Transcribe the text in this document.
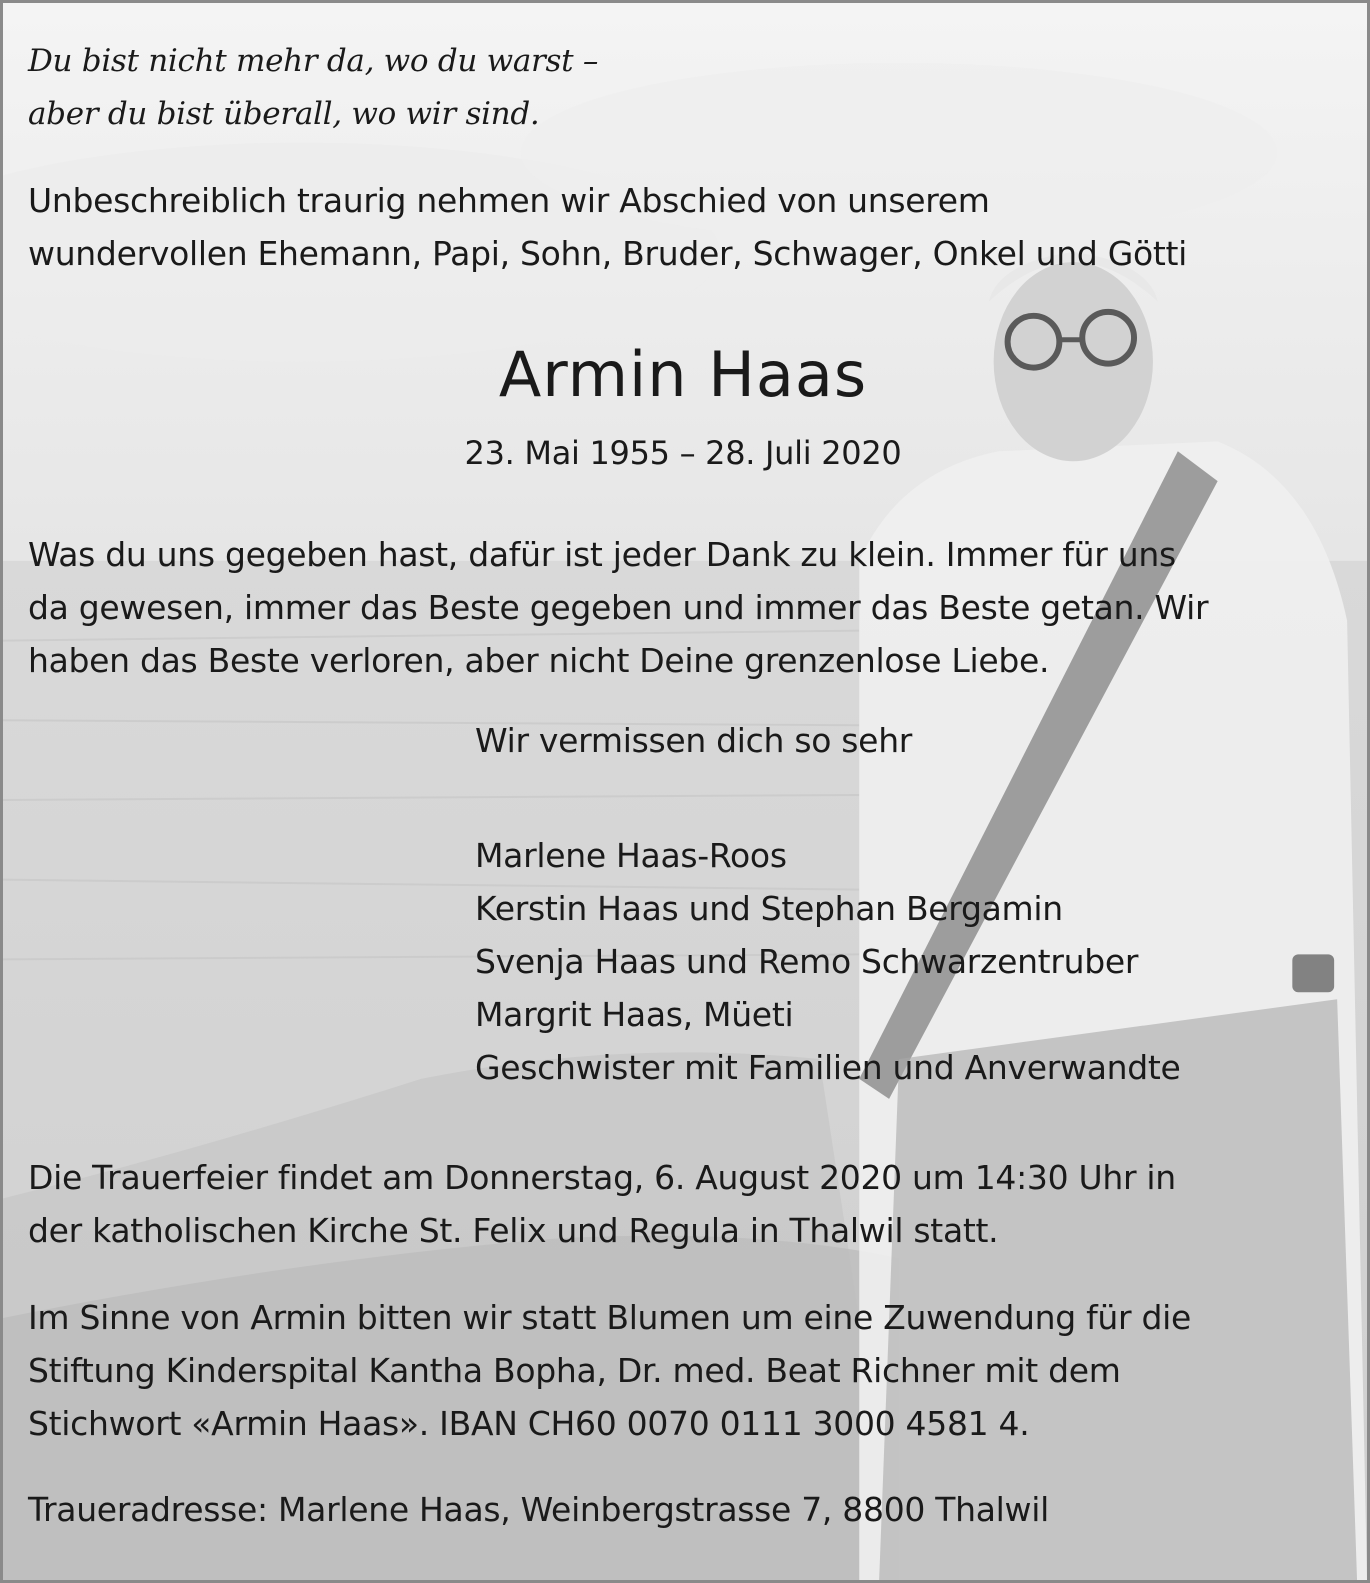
Du bist nicht mehr da, wo du warst –
aber du bist überall, wo wir sind.
Unbeschreiblich traurig nehmen wir Abschied von unserem
wundervollen Ehemann, Papi, Sohn, Bruder, Schwager, Onkel und Götti
Armin Haas
23. Mai 1955 – 28. Juli 2020
Was du uns gegeben hast, dafür ist jeder Dank zu klein. Immer für uns
da gewesen, immer das Beste gegeben und immer das Beste getan. Wir
haben das Beste verloren, aber nicht Deine grenzenlose Liebe.
Wir vermissen dich so sehr
Marlene Haas-Roos
Kerstin Haas und Stephan Bergamin
Svenja Haas und Remo Schwarzentruber
Margrit Haas, Müeti
Geschwister mit Familien und Anverwandte
Die Trauerfeier findet am Donnerstag, 6. August 2020 um 14:30 Uhr in
der katholischen Kirche St. Felix und Regula in Thalwil statt.
Im Sinne von Armin bitten wir statt Blumen um eine Zuwendung für die
Stiftung Kinderspital Kantha Bopha, Dr. med. Beat Richner mit dem
Stichwort «Armin Haas». IBAN CH60 0070 0111 3000 4581 4.
Traueradresse: Marlene Haas, Weinbergstrasse 7, 8800 Thalwil
